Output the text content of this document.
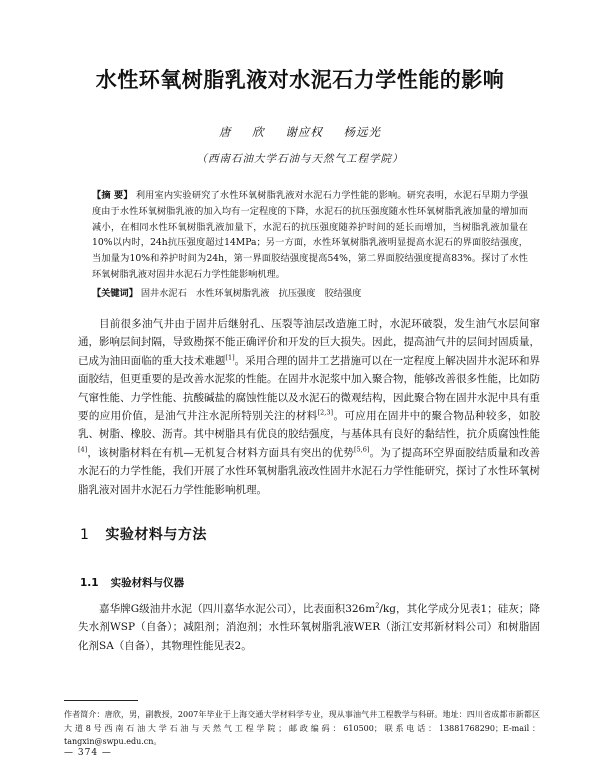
水性环氧树脂乳液对水泥石力学性能的影响
唐 欣 谢应权 杨远光
（西南石油大学石油与天然气工程学院）
【摘 要】 利用室内实验研究了水性环氧树脂乳液对水泥石力学性能的影响。研究表明，水泥石早期力学强度由于水性环氧树脂乳液的加入均有一定程度的下降，水泥石的抗压强度随水性环氧树脂乳液加量的增加而减小，在相同水性环氧树脂乳液加量下，水泥石的抗压强度随养护时间的延长而增加，当树脂乳液加量在10%以内时，24h抗压强度超过14MPa；另一方面，水性环氧树脂乳液明显提高水泥石的界面胶结强度，当加量为10%和养护时间为24h，第一界面胶结强度提高54%，第二界面胶结强度提高83%。探讨了水性环氧树脂乳液对固井水泥石力学性能影响机理。
【关键词】 固井水泥石　水性环氧树脂乳液　抗压强度　胶结强度
目前很多油气井由于固井后继射孔、压裂等油层改造施工时，水泥环破裂，发生油气水层间窜通，影响层间封隔，导致勘探不能正确评价和开发的巨大损失。因此，提高油气井的层间封固质量，已成为油田面临的重大技术难题[1]。采用合理的固井工艺措施可以在一定程度上解决固井水泥环和界面胶结，但更重要的是改善水泥浆的性能。在固井水泥浆中加入聚合物，能够改善很多性能，比如防气窜性能、力学性能、抗酸碱盐的腐蚀性能以及水泥石的微观结构，因此聚合物在固井水泥中具有重要的应用价值，是油气井注水泥所特别关注的材料[2,3]。可应用在固井中的聚合物品种较多，如胶乳、树脂、橡胶、沥青。其中树脂具有优良的胶结强度，与基体具有良好的黏结性，抗介质腐蚀性能[4]，该树脂材料在有机—无机复合材料方面具有突出的优势[5,6]。为了提高环空界面胶结质量和改善水泥石的力学性能，我们开展了水性环氧树脂乳液改性固井水泥石力学性能研究，探讨了水性环氧树脂乳液对固井水泥石力学性能影响机理。
1 实验材料与方法
1.1 实验材料与仪器
嘉华牌G级油井水泥（四川嘉华水泥公司），比表面积$326m^2/kg$，其化学成分见表1；硅灰；降失水剂WSP（自备）；减阻剂；消泡剂；水性环氧树脂乳液WER（浙江安邦新材料公司）和树脂固化剂SA（自备），其物理性能见表2。
作者简介：唐欣，男，副教授，2007年毕业于上海交通大学材料学专业，现从事油气井工程教学与科研。地址：四川省成都市新都区大道8号西南石油大学石油与天然气工程学院；邮政编码：610500；联系电话：13881768290；E-mail：tangxin@swpu.edu.cn。
— 374 —
